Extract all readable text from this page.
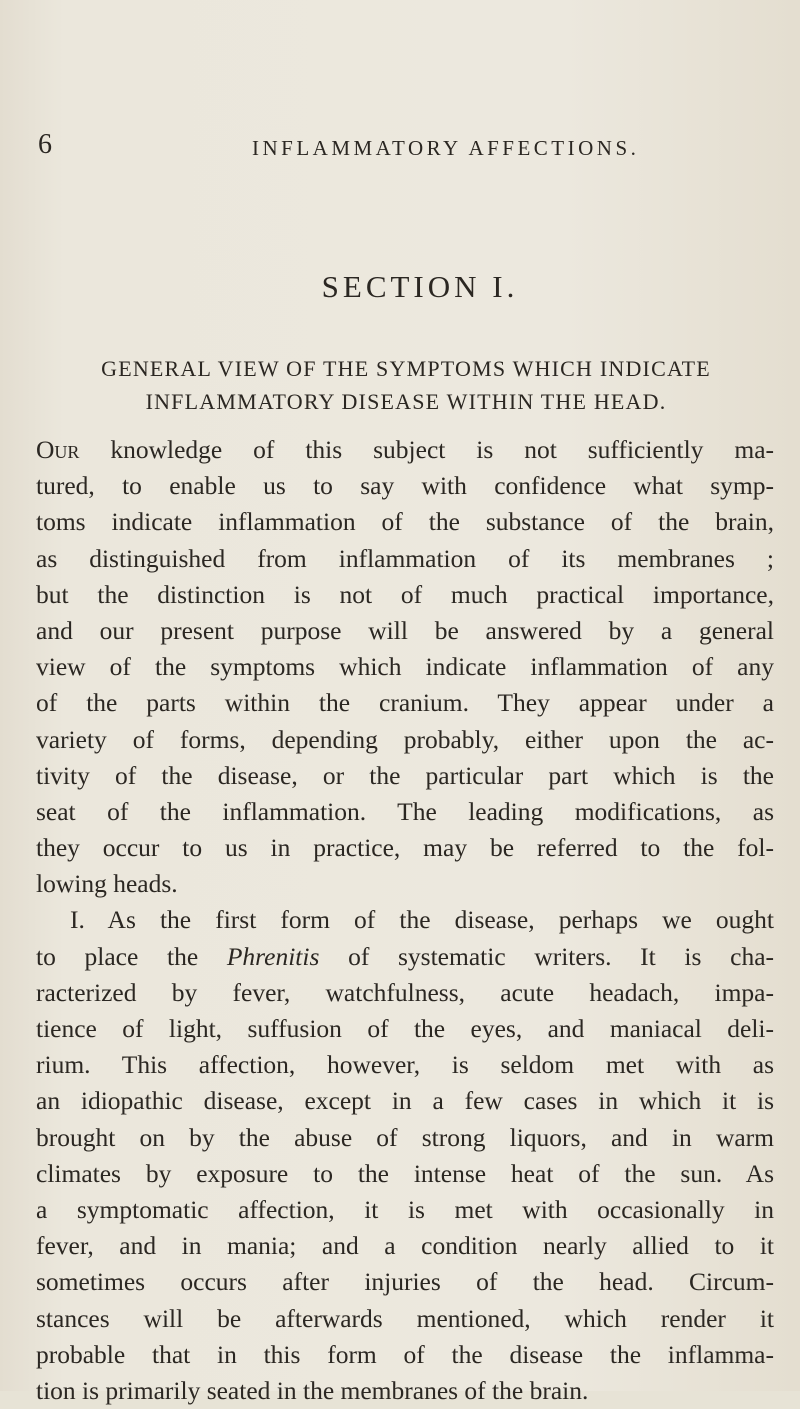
6	INFLAMMATORY AFFECTIONS.
SECTION I.
GENERAL VIEW OF THE SYMPTOMS WHICH INDICATE
INFLAMMATORY DISEASE WITHIN THE HEAD.
Our knowledge of this subject is not sufficiently ma-
tured, to enable us to say with confidence what symp-
toms indicate inflammation of the substance of the brain,
as distinguished from inflammation of its membranes ;
but the distinction is not of much practical importance,
and our present purpose will be answered by a general
view of the symptoms which indicate inflammation of any
of the parts within the cranium. They appear under a
variety of forms, depending probably, either upon the ac-
tivity of the disease, or the particular part which is the
seat of the inflammation. The leading modifications, as
they occur to us in practice, may be referred to the fol-
lowing heads.
I. As the first form of the disease, perhaps we ought
to place the Phrenitis of systematic writers. It is cha-
racterized by fever, watchfulness, acute headach, impa-
tience of light, suffusion of the eyes, and maniacal deli-
rium. This affection, however, is seldom met with as
an idiopathic disease, except in a few cases in which it is
brought on by the abuse of strong liquors, and in warm
climates by exposure to the intense heat of the sun. As
a symptomatic affection, it is met with occasionally in
fever, and in mania; and a condition nearly allied to it
sometimes occurs after injuries of the head. Circum-
stances will be afterwards mentioned, which render it
probable that in this form of the disease the inflamma-
tion is primarily seated in the membranes of the brain.
